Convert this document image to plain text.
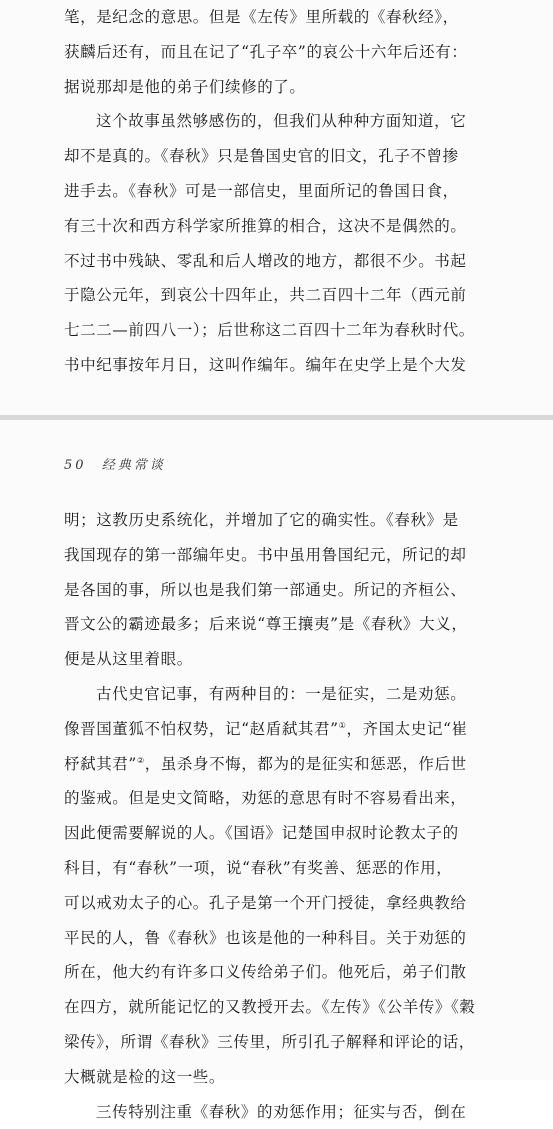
笔，是纪念的意思。但是《左传》里所载的《春秋经》，
获麟后还有，而且在记了“孔子卒”的哀公十六年后还有：
据说那却是他的弟子们续修的了。
这个故事虽然够感伤的，但我们从种种方面知道，它
却不是真的。《春秋》只是鲁国史官的旧文，孔子不曾掺
进手去。《春秋》可是一部信史，里面所记的鲁国日食，
有三十次和西方科学家所推算的相合，这决不是偶然的。
不过书中残缺、零乱和后人增改的地方，都很不少。书起
于隐公元年，到哀公十四年止，共二百四十二年（西元前
七二二—前四八一）；后世称这二百四十二年为春秋时代。
书中纪事按年月日，这叫作编年。编年在史学上是个大发
50 经典常谈
明；这教历史系统化，并增加了它的确实性。《春秋》是
我国现存的第一部编年史。书中虽用鲁国纪元，所记的却
是各国的事，所以也是我们第一部通史。所记的齐桓公、
晋文公的霸迹最多；后来说“尊王攘夷”是《春秋》大义，
便是从这里着眼。
古代史官记事，有两种目的：一是征实，二是劝惩。
像晋国董狐不怕权势，记“赵盾弑其君”①，齐国太史记“崔
杼弑其君”②，虽杀身不悔，都为的是征实和惩恶，作后世
的鉴戒。但是史文简略，劝惩的意思有时不容易看出来，
因此便需要解说的人。《国语》记楚国申叔时论教太子的
科目，有“春秋”一项，说“春秋”有奖善、惩恶的作用，
可以戒劝太子的心。孔子是第一个开门授徒，拿经典教给
平民的人，鲁《春秋》也该是他的一种科目。关于劝惩的
所在，他大约有许多口义传给弟子们。他死后，弟子们散
在四方，就所能记忆的又教授开去。《左传》《公羊传》《穀
梁传》，所谓《春秋》三传里，所引孔子解释和评论的话，
大概就是检的这一些。
三传特别注重《春秋》的劝惩作用；征实与否，倒在
